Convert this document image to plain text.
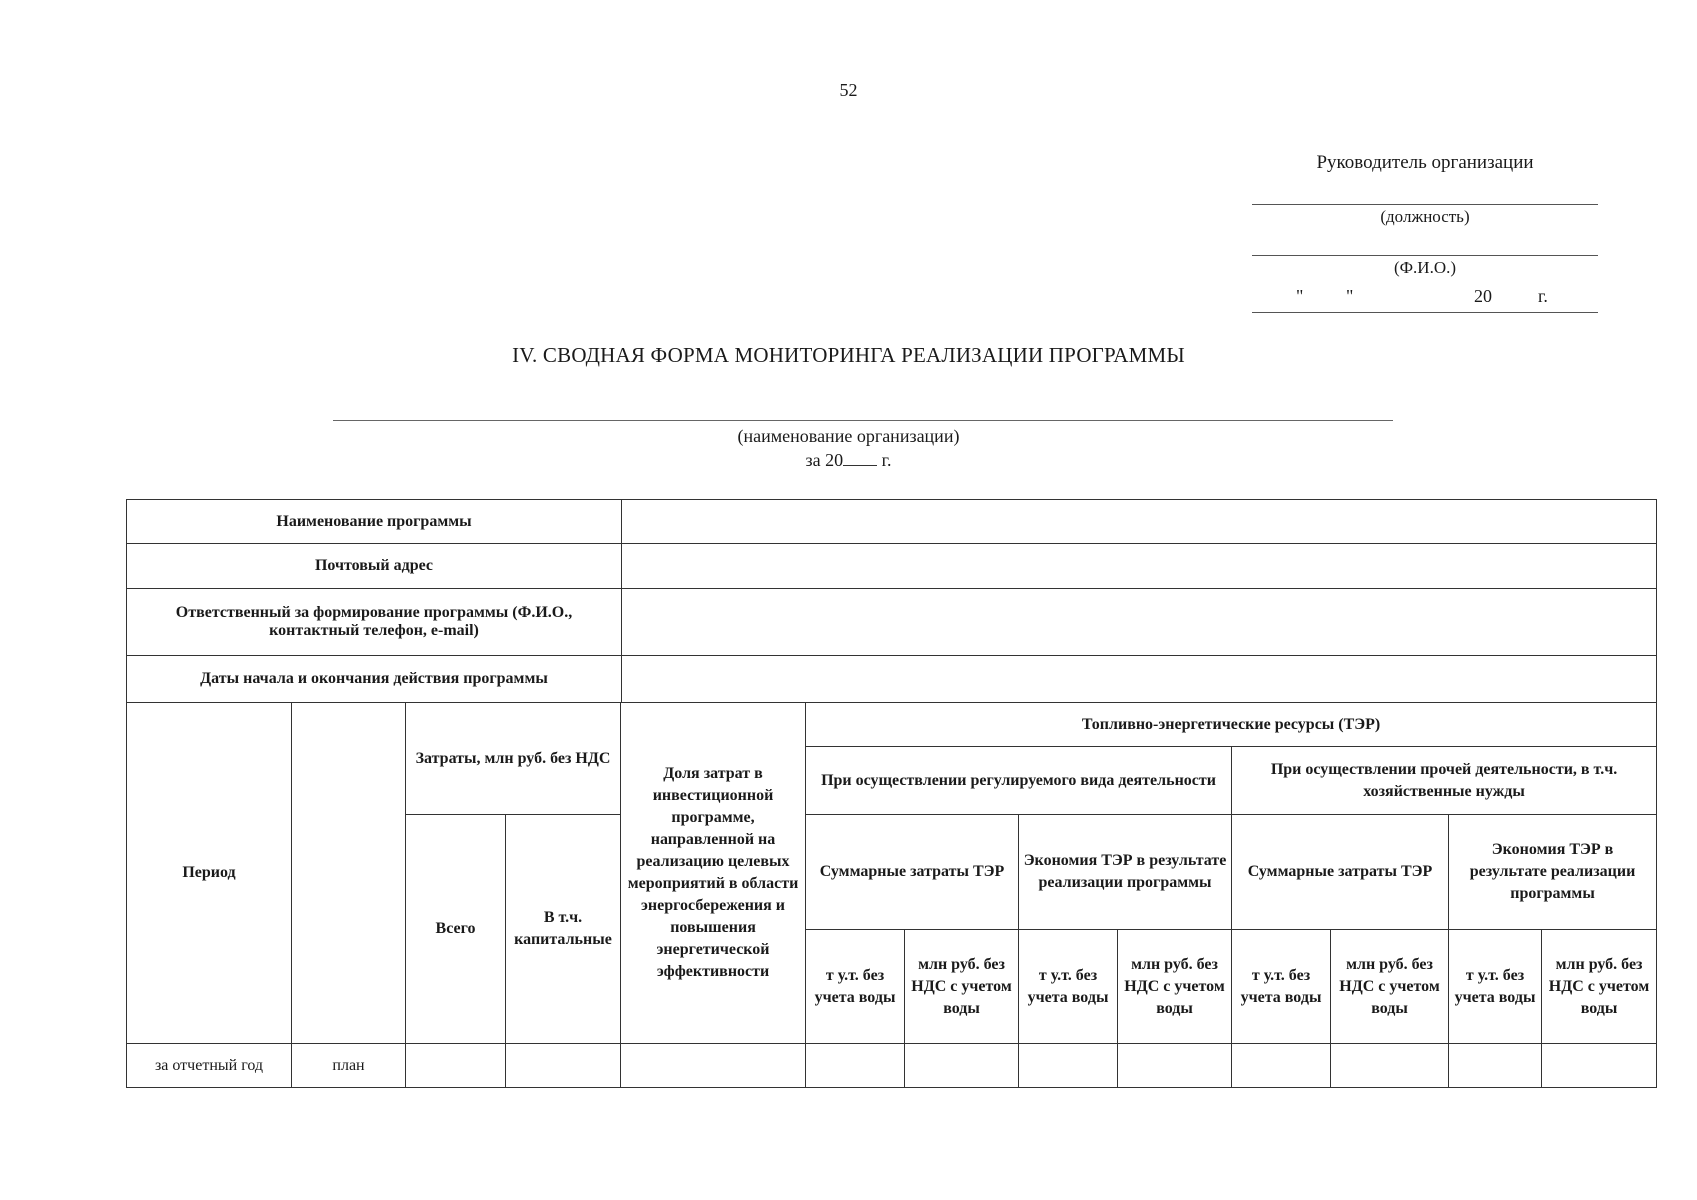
52
Руководитель организации
(должность)
(Ф.И.О.)
" "	20	г.
IV. СВОДНАЯ ФОРМА МОНИТОРИНГА РЕАЛИЗАЦИИ ПРОГРАММЫ
(наименование организации)
за 20 г.
Наименование программы	
Почтовый адрес	
Ответственный за формирование программы (Ф.И.О., контактный телефон, e-mail)	
Даты начала и окончания действия программы	
Период		Затраты, млн руб. без НДС		Доля затрат в инвестиционной программе, направленной на реализацию целевых мероприятий в области энергосбережения и повышения энергетической эффективности	Топливно-энергетические ресурсы (ТЭР)							
					При осуществлении регулируемого вида деятельности				При осуществлении прочей деятельности, в т.ч. хозяйственные нужды			
		Всего	В т.ч. капитальные		Суммарные затраты ТЭР		Экономия ТЭР в результате реализации программы		Суммарные затраты ТЭР		Экономия ТЭР в результате реализации программы	
					т у.т. без учета воды	млн руб. без НДС с учетом воды	т у.т. без учета воды	млн руб. без НДС с учетом воды	т у.т. без учета воды	млн руб. без НДС с учетом воды	т у.т. без учета воды	млн руб. без НДС с учетом воды
за отчетный год	план											
